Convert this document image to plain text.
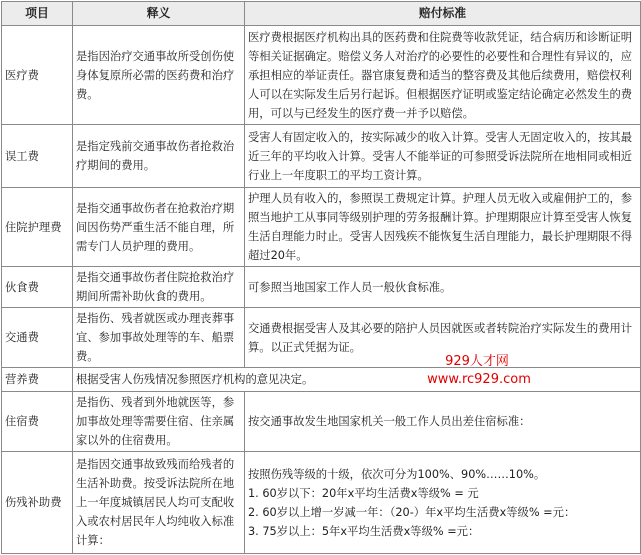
项目	释义	赔付标准
医疗费	是指因治疗交通事故所受创伤使身体复原所必需的医药费和治疗费。	医疗费根据医疗机构出具的医药费和住院费等收款凭证，结合病历和诊断证明等相关证据确定。赔偿义务人对治疗的必要性的必要性和合理性有异议的，应承担相应的举证责任。器官康复费和适当的整容费及其他后续费用，赔偿权利人可以在实际发生后另行起诉。但根据医疗证明或鉴定结论确定必然发生的费用，可以与已经发生的医疗费一并予以赔偿。
误工费	是指定残前交通事故伤者抢救治疗期间的费用。	受害人有固定收入的，按实际减少的收入计算。受害人无固定收入的，按其最近三年的平均收入计算。受害人不能举证的可参照受诉法院所在地相同或相近行业上一年度职工的平均工资计算。
住院护理费	是指交通事故伤者在抢救治疗期间因伤势严重生活不能自理，所需专门人员护理的费用。	护理人员有收入的，参照误工费规定计算。护理人员无收入或雇佣护工的，参照当地护工从事同等级别护理的劳务报酬计算。护理期限应计算至受害人恢复生活自理能力时止。受害人因残疾不能恢复生活自理能力，最长护理期限不得超过20年。
伙食费	是指交通事故伤者住院抢救治疗期间所需补助伙食的费用。	可参照当地国家工作人员一般伙食标准。
交通费	是指伤、残者就医或办理丧葬事宜、参加事故处理等的车、船票费。	交通费根据受害人及其必要的陪护人员因就医或者转院治疗实际发生的费用计算。以正式凭据为证。
营养费	根据受害人伤残情况参照医疗机构的意见决定。	
住宿费	是指伤、残者到外地就医等，参加事故处理等需要住宿、住亲属家以外的住宿费用。	按交通事故发生地国家机关一般工作人员出差住宿标准：
伤残补助费	是指因交通事故致残而给残者的生活补助费。按受诉法院所在地上一年度城镇居民人均可支配收入或农村居民年人均纯收入标准计算：	按照伤残等级的十级，依次可分为100%、90%……10%。
1. 60岁以下：20年x平均生活费x等级% = 元
2. 60岁以上增一岁减一年：（20-）年x平均生活费x等级% =元：
3. 75岁以上：5年x平均生活费x等级% =元：
929人才网
www.rc929.com
